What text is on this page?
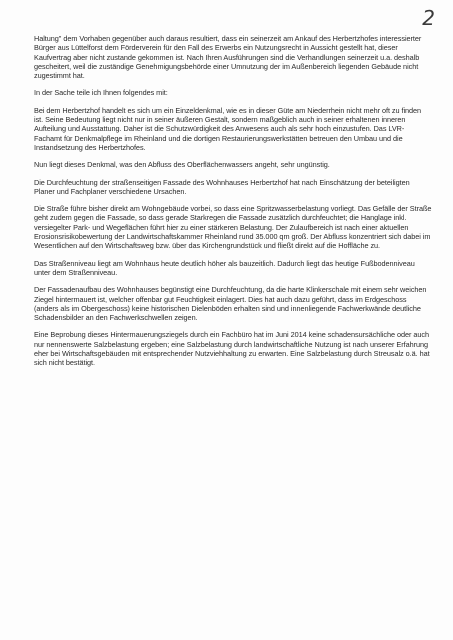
2

Haltung" dem Vorhaben gegenüber auch daraus resultiert, dass ein seinerzeit am Ankauf des Herbertzhofes interessierter Bürger aus Lüttelforst dem Förderverein für den Fall des Erwerbs ein Nutzungsrecht in Aussicht gestellt hat, dieser Kaufvertrag aber nicht zustande gekommen ist. Nach Ihren Ausführungen sind die Verhandlungen seinerzeit u.a. deshalb gescheitert, weil die zuständige Genehmigungsbehörde einer Umnutzung der im Außenbereich liegenden Gebäude nicht zugestimmt hat.

In der Sache teile ich Ihnen folgendes mit:

Bei dem Herbertzhof handelt es sich um ein Einzeldenkmal, wie es in dieser Güte am Niederrhein nicht mehr oft zu finden ist. Seine Bedeutung liegt nicht nur in seiner äußeren Gestalt, sondern maßgeblich auch in seiner erhaltenen inneren Aufteilung und Ausstattung. Daher ist die Schutzwürdigkeit des Anwesens auch als sehr hoch einzustufen. Das LVR-Fachamt für Denkmalpflege im Rheinland und die dortigen Restaurierungswerkstätten betreuen den Umbau und die Instandsetzung des Herbertzhofes.

Nun liegt dieses Denkmal, was den Abfluss des Oberflächenwassers angeht, sehr ungünstig.

Die Durchfeuchtung der straßenseitigen Fassade des Wohnhauses Herbertzhof hat nach Einschätzung der beteiligten Planer und Fachplaner verschiedene Ursachen.

Die Straße führe bisher direkt am Wohngebäude vorbei, so dass eine Spritzwasserbelastung vorliegt. Das Gefälle der Straße geht zudem gegen die Fassade, so dass gerade Starkregen die Fassade zusätzlich durchfeuchtet; die Hanglage inkl. versiegelter Park- und Wegeflächen führt hier zu einer stärkeren Belastung. Der Zulaufbereich ist nach einer aktuellen Erosionsrisikobewertung der Landwirtschaftskammer Rheinland rund 35.000 qm groß. Der Abfluss konzentriert sich dabei im Wesentlichen auf den Wirtschaftsweg bzw. über das Kirchengrundstück und fließt direkt auf die Hoffläche zu.

Das Straßenniveau liegt am Wohnhaus heute deutlich höher als bauzeitlich. Dadurch liegt das heutige Fußbodenniveau unter dem Straßenniveau.

Der Fassadenaufbau des Wohnhauses begünstigt eine Durchfeuchtung, da die harte Klinkerschale mit einem sehr weichen Ziegel hintermauert ist, welcher offenbar gut Feuchtigkeit einlagert. Dies hat auch dazu geführt, dass im Erdgeschoss (anders als im Obergeschoss) keine historischen Dielenböden erhalten sind und innenliegende Fachwerkwände deutliche Schadensbilder an den Fachwerkschwellen zeigen.

Eine Beprobung dieses Hintermauerungsziegels durch ein Fachbüro hat im Juni 2014 keine schadensursächliche oder auch nur nennenswerte Salzbelastung ergeben; eine Salzbelastung durch landwirtschaftliche Nutzung ist nach unserer Erfahrung eher bei Wirtschaftsgebäuden mit entsprechender Nutzviehhaltung zu erwarten. Eine Salzbelastung durch Streusalz o.ä. hat sich nicht bestätigt.
